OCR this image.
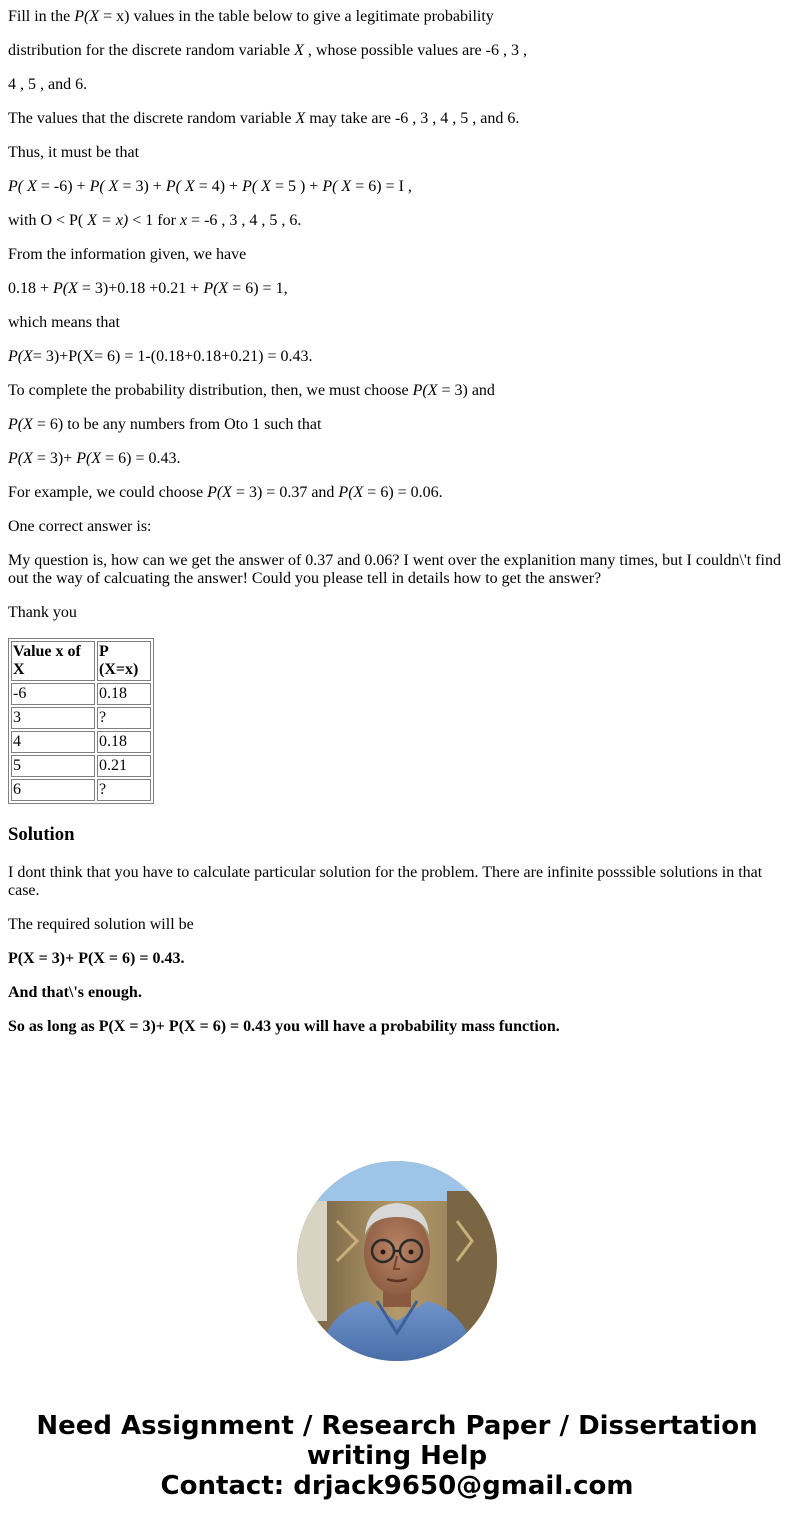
Fill in the P(X = x) values in the table below to give a legitimate probability

distribution for the discrete random variable X , whose possible values are -6 , 3 ,

4 , 5 , and 6.

The values that the discrete random variable X may take are -6 , 3 , 4 , 5 , and 6.

Thus, it must be that

P( X = -6) + P( X = 3) + P( X = 4) + P( X = 5 ) + P( X = 6) = I ,

with O < P( X = x) < 1 for x = -6 , 3 , 4 , 5 , 6.

From the information given, we have

0.18 + P(X = 3)+0.18 +0.21 + P(X = 6) = 1,

which means that

P(X= 3)+P(X= 6) = 1-(0.18+0.18+0.21) = 0.43.

To complete the probability distribution, then, we must choose P(X = 3) and

P(X = 6) to be any numbers from Oto 1 such that

P(X = 3)+ P(X = 6) = 0.43.

For example, we could choose P(X = 3) = 0.37 and P(X = 6) = 0.06.

One correct answer is:

My question is, how can we get the answer of 0.37 and 0.06? I went over the explanition many times, but I couldn\'t find out the way of calcuating the answer! Could you please tell in details how to get the answer?

Thank you

Value x of X	P (X=x)
-6	0.18
3	?
4	0.18
5	0.21
6	?
Solution

I dont think that you have to calculate particular solution for the problem. There are infinite posssible solutions in that case.

The required solution will be

P(X = 3)+ P(X = 6) = 0.43.

And that\'s enough.

So as long as P(X = 3)+ P(X = 6) = 0.43 you will have a probability mass function.

Need Assignment / Research Paper / Dissertation
writing Help
Contact: drjack9650@gmail.com
